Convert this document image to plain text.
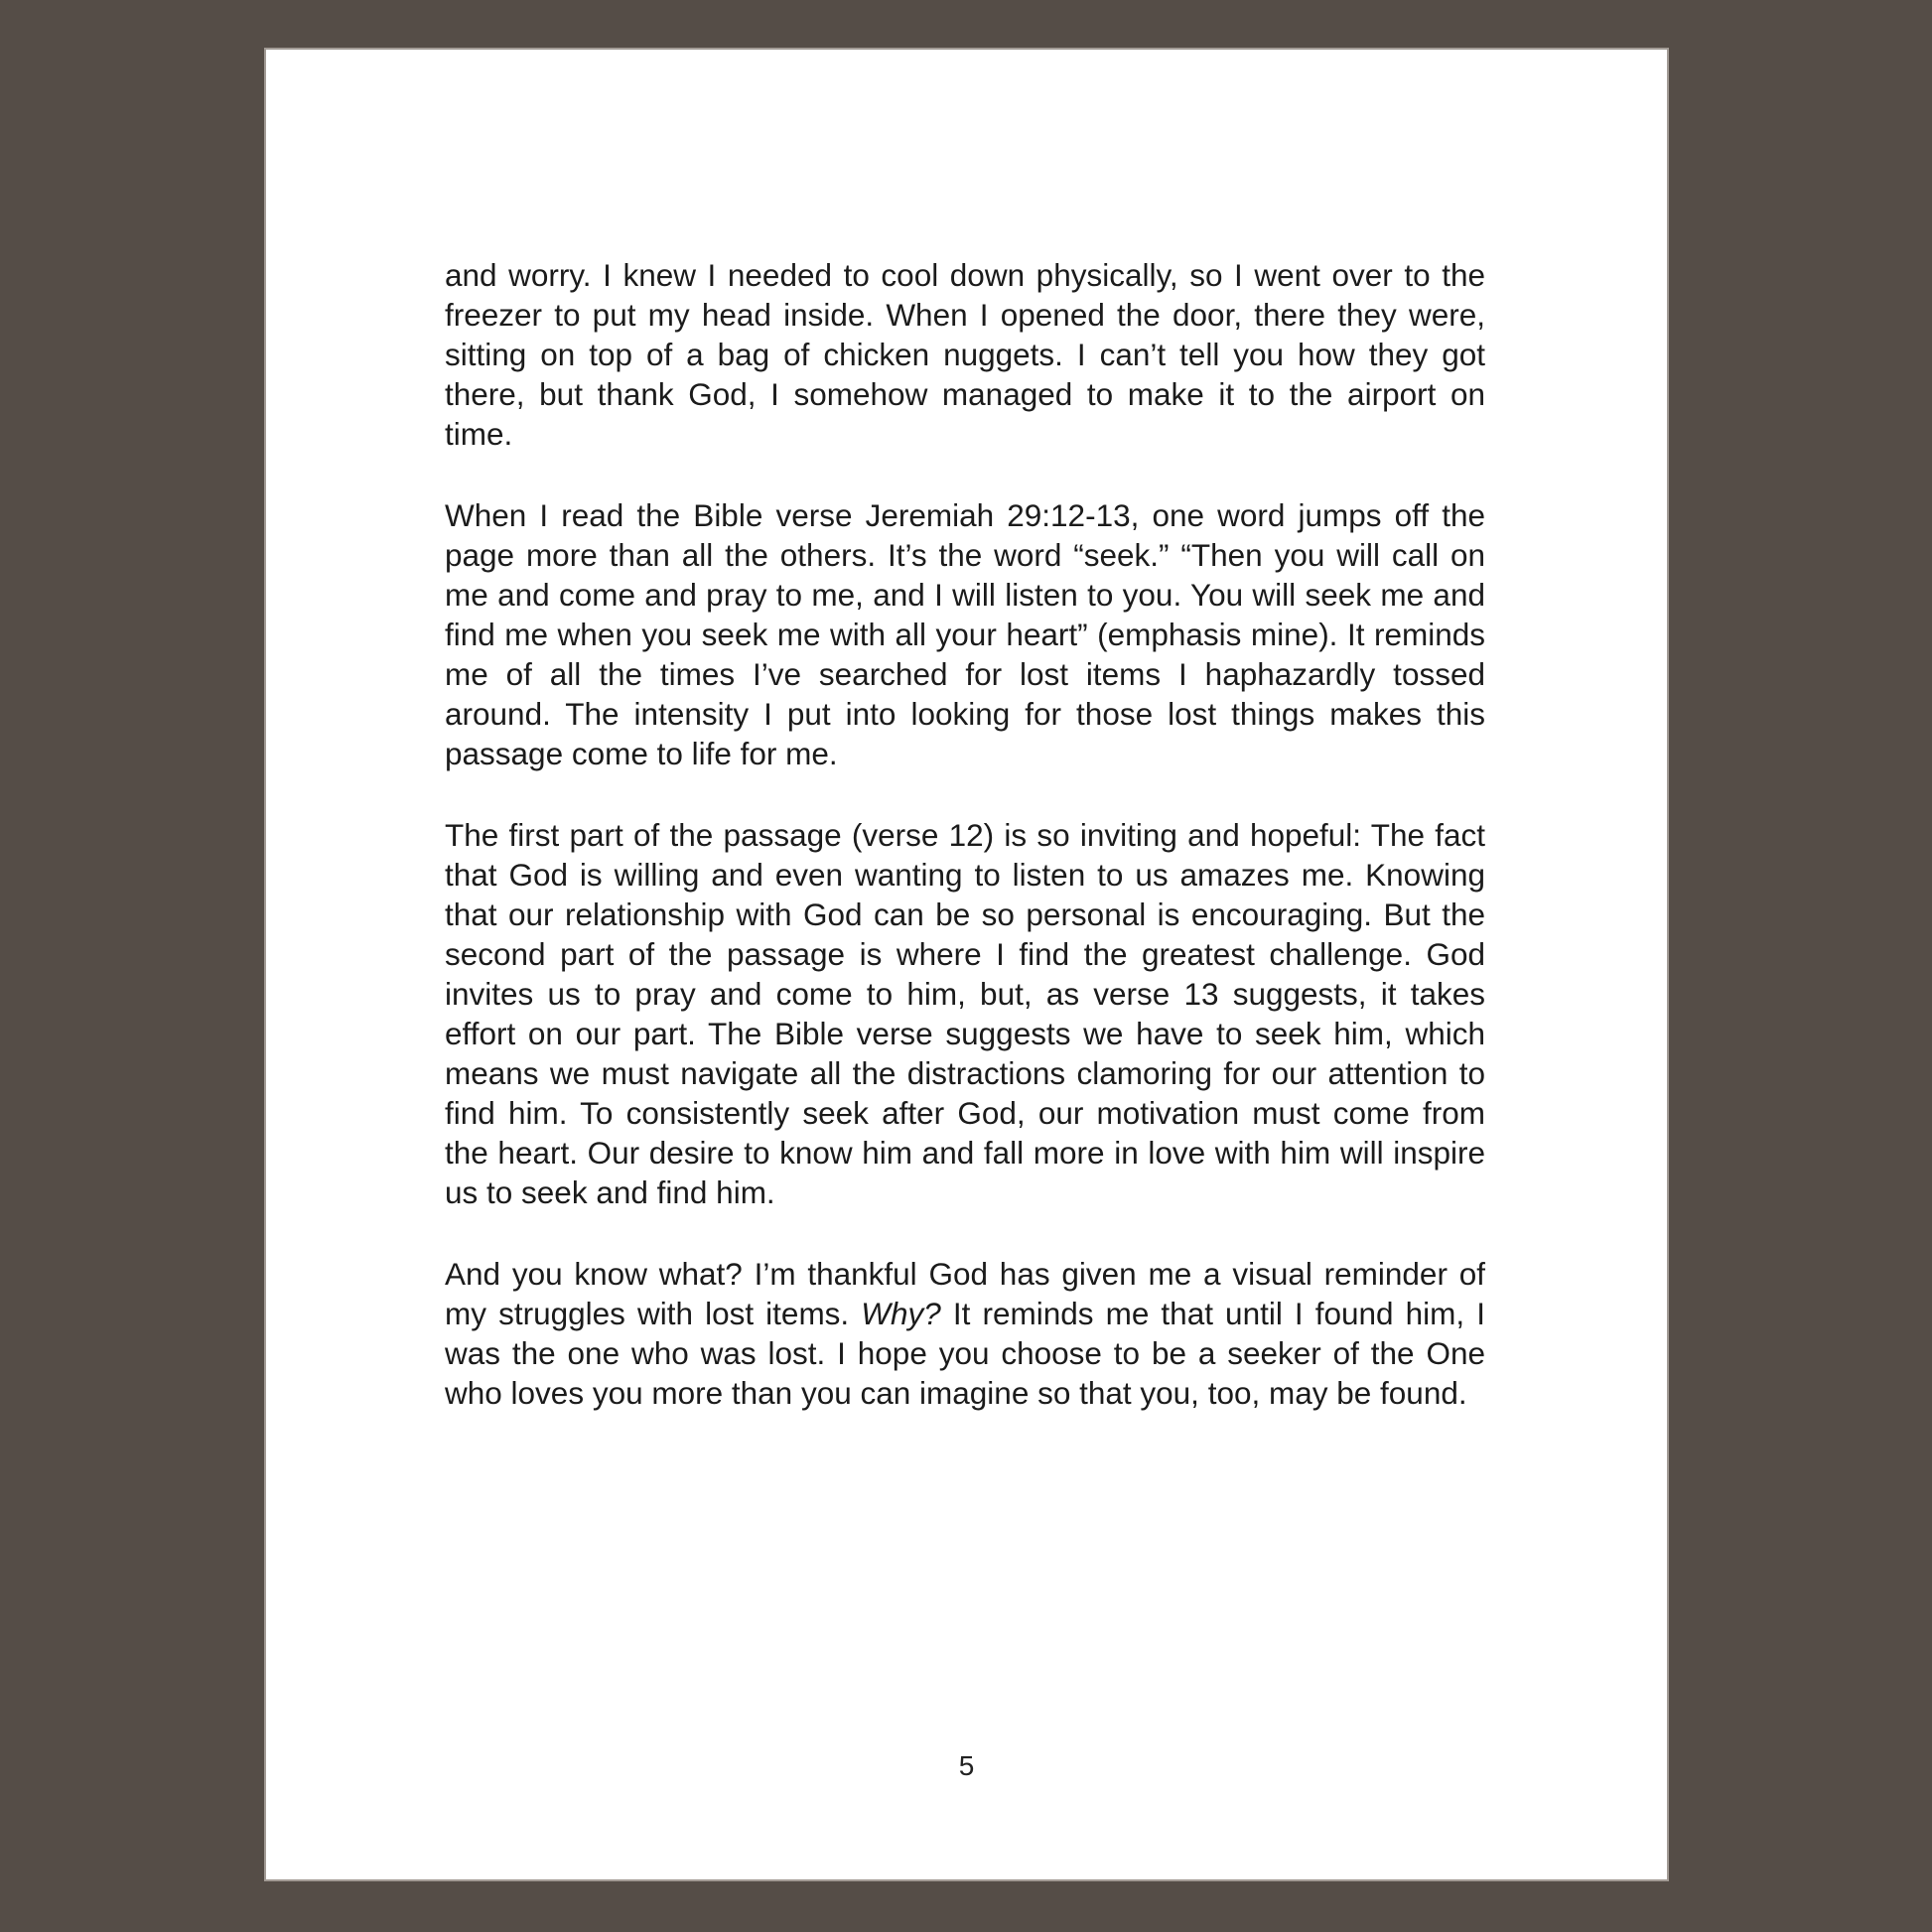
and worry. I knew I needed to cool down physically, so I went over to the freezer to put my head inside. When I opened the door, there they were, sitting on top of a bag of chicken nuggets. I can’t tell you how they got there, but thank God, I somehow managed to make it to the airport on time.

When I read the Bible verse Jeremiah 29:12-13, one word jumps off the page more than all the others. It’s the word “seek.” “Then you will call on me and come and pray to me, and I will listen to you. You will seek me and find me when you seek me with all your heart” (emphasis mine). It reminds me of all the times I’ve searched for lost items I haphazardly tossed around. The intensity I put into looking for those lost things makes this passage come to life for me.

The first part of the passage (verse 12) is so inviting and hopeful: The fact that God is willing and even wanting to listen to us amazes me. Knowing that our relationship with God can be so personal is encouraging. But the second part of the passage is where I find the greatest challenge. God invites us to pray and come to him, but, as verse 13 suggests, it takes effort on our part. The Bible verse suggests we have to seek him, which means we must navigate all the distractions clamoring for our attention to find him. To consistently seek after God, our motivation must come from the heart. Our desire to know him and fall more in love with him will inspire us to seek and find him.

And you know what? I’m thankful God has given me a visual reminder of my struggles with lost items. Why? It reminds me that until I found him, I was the one who was lost. I hope you choose to be a seeker of the One who loves you more than you can imagine so that you, too, may be found.

5
